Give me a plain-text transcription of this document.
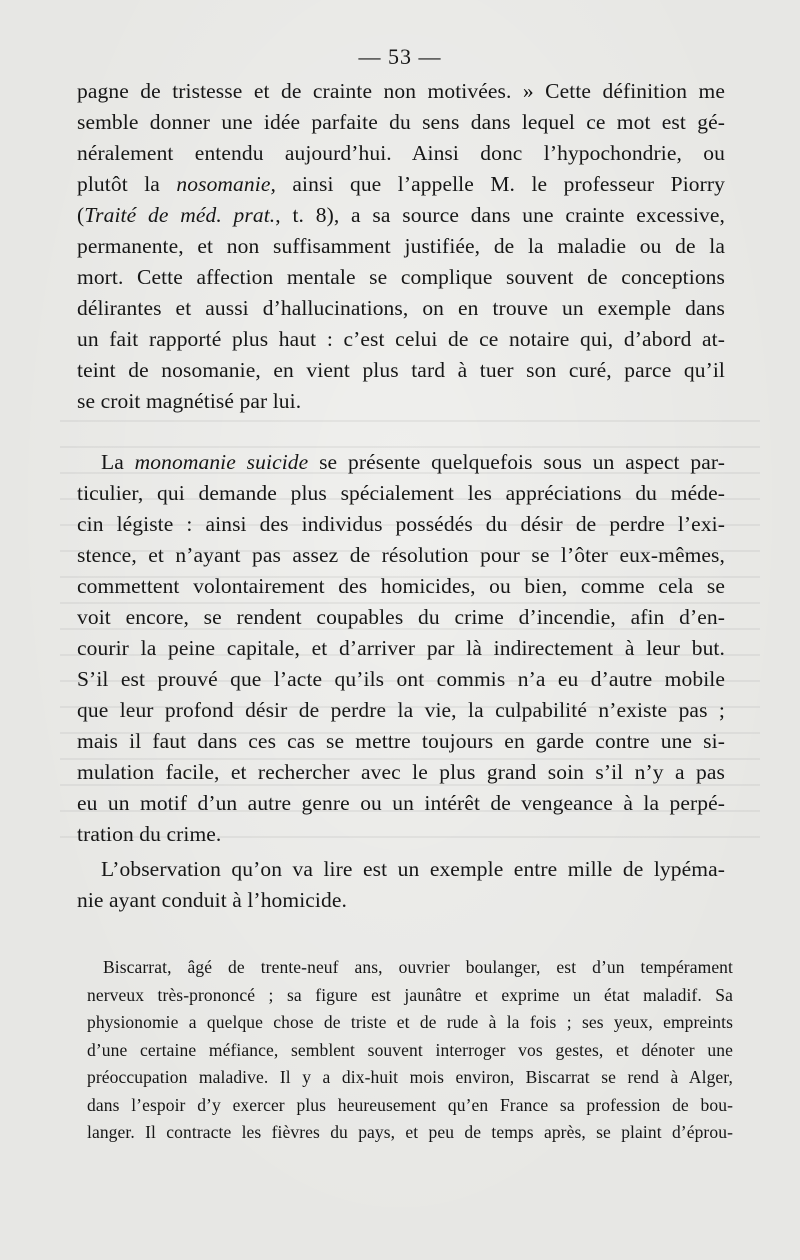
— 53 —
pagne de tristesse et de crainte non motivées. » Cette définition me
semble donner une idée parfaite du sens dans lequel ce mot est gé-
néralement entendu aujourd’hui. Ainsi donc l’hypochondrie, ou
plutôt la nosomanie, ainsi que l’appelle M. le professeur Piorry
(Traité de méd. prat., t. 8), a sa source dans une crainte excessive,
permanente, et non suffisamment justifiée, de la maladie ou de la
mort. Cette affection mentale se complique souvent de conceptions
délirantes et aussi d’hallucinations, on en trouve un exemple dans
un fait rapporté plus haut : c’est celui de ce notaire qui, d’abord at-
teint de nosomanie, en vient plus tard à tuer son curé, parce qu’il
se croit magnétisé par lui.
La monomanie suicide se présente quelquefois sous un aspect par-
ticulier, qui demande plus spécialement les appréciations du méde-
cin légiste : ainsi des individus possédés du désir de perdre l’exi-
stence, et n’ayant pas assez de résolution pour se l’ôter eux-mêmes,
commettent volontairement des homicides, ou bien, comme cela se
voit encore, se rendent coupables du crime d’incendie, afin d’en-
courir la peine capitale, et d’arriver par là indirectement à leur but.
S’il est prouvé que l’acte qu’ils ont commis n’a eu d’autre mobile
que leur profond désir de perdre la vie, la culpabilité n’existe pas ;
mais il faut dans ces cas se mettre toujours en garde contre une si-
mulation facile, et rechercher avec le plus grand soin s’il n’y a pas
eu un motif d’un autre genre ou un intérêt de vengeance à la perpé-
tration du crime.
L’observation qu’on va lire est un exemple entre mille de lypéma-
nie ayant conduit à l’homicide.
Biscarrat, âgé de trente-neuf ans, ouvrier boulanger, est d’un tempérament
nerveux très-prononcé ; sa figure est jaunâtre et exprime un état maladif. Sa
physionomie a quelque chose de triste et de rude à la fois ; ses yeux, empreints
d’une certaine méfiance, semblent souvent interroger vos gestes, et dénoter une
préoccupation maladive. Il y a dix-huit mois environ, Biscarrat se rend à Alger,
dans l’espoir d’y exercer plus heureusement qu’en France sa profession de bou-
langer. Il contracte les fièvres du pays, et peu de temps après, se plaint d’éprou-
